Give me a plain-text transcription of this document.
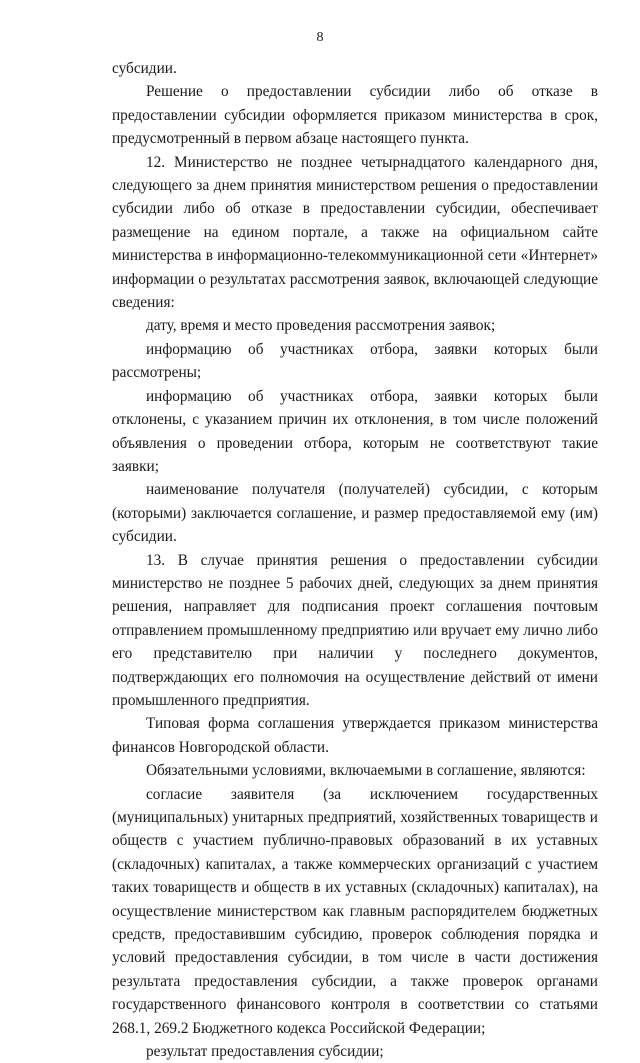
8

субсидии.

Решение о предоставлении субсидии либо об отказе в предоставлении субсидии оформляется приказом министерства в срок, предусмотренный в первом абзаце настоящего пункта.

12. Министерство не позднее четырнадцатого календарного дня, следующего за днем принятия министерством решения о предоставлении субсидии либо об отказе в предоставлении субсидии, обеспечивает размещение на едином портале, а также на официальном сайте министерства в информационно-телекоммуникационной сети «Интернет» информации о результатах рассмотрения заявок, включающей следующие сведения:

дату, время и место проведения рассмотрения заявок;

информацию об участниках отбора, заявки которых были рассмотрены;

информацию об участниках отбора, заявки которых были отклонены, с указанием причин их отклонения, в том числе положений объявления о проведении отбора, которым не соответствуют такие заявки;

наименование получателя (получателей) субсидии, с которым (которыми) заключается соглашение, и размер предоставляемой ему (им) субсидии.

13. В случае принятия решения о предоставлении субсидии министерство не позднее 5 рабочих дней, следующих за днем принятия решения, направляет для подписания проект соглашения почтовым отправлением промышленному предприятию или вручает ему лично либо его представителю при наличии у последнего документов, подтверждающих его полномочия на осуществление действий от имени промышленного предприятия.

Типовая форма соглашения утверждается приказом министерства финансов Новгородской области.

Обязательными условиями, включаемыми в соглашение, являются:

согласие заявителя (за исключением государственных (муниципальных) унитарных предприятий, хозяйственных товариществ и обществ с участием публично-правовых образований в их уставных (складочных) капиталах, а также коммерческих организаций с участием таких товариществ и обществ в их уставных (складочных) капиталах), на осуществление министерством как главным распорядителем бюджетных средств, предоставившим субсидию, проверок соблюдения порядка и условий предоставления субсидии, в том числе в части достижения результата предоставления субсидии, а также проверок органами государственного финансового контроля в соответствии со статьями 268.1, 269.2 Бюджетного кодекса Российской Федерации;

результат предоставления субсидии;
